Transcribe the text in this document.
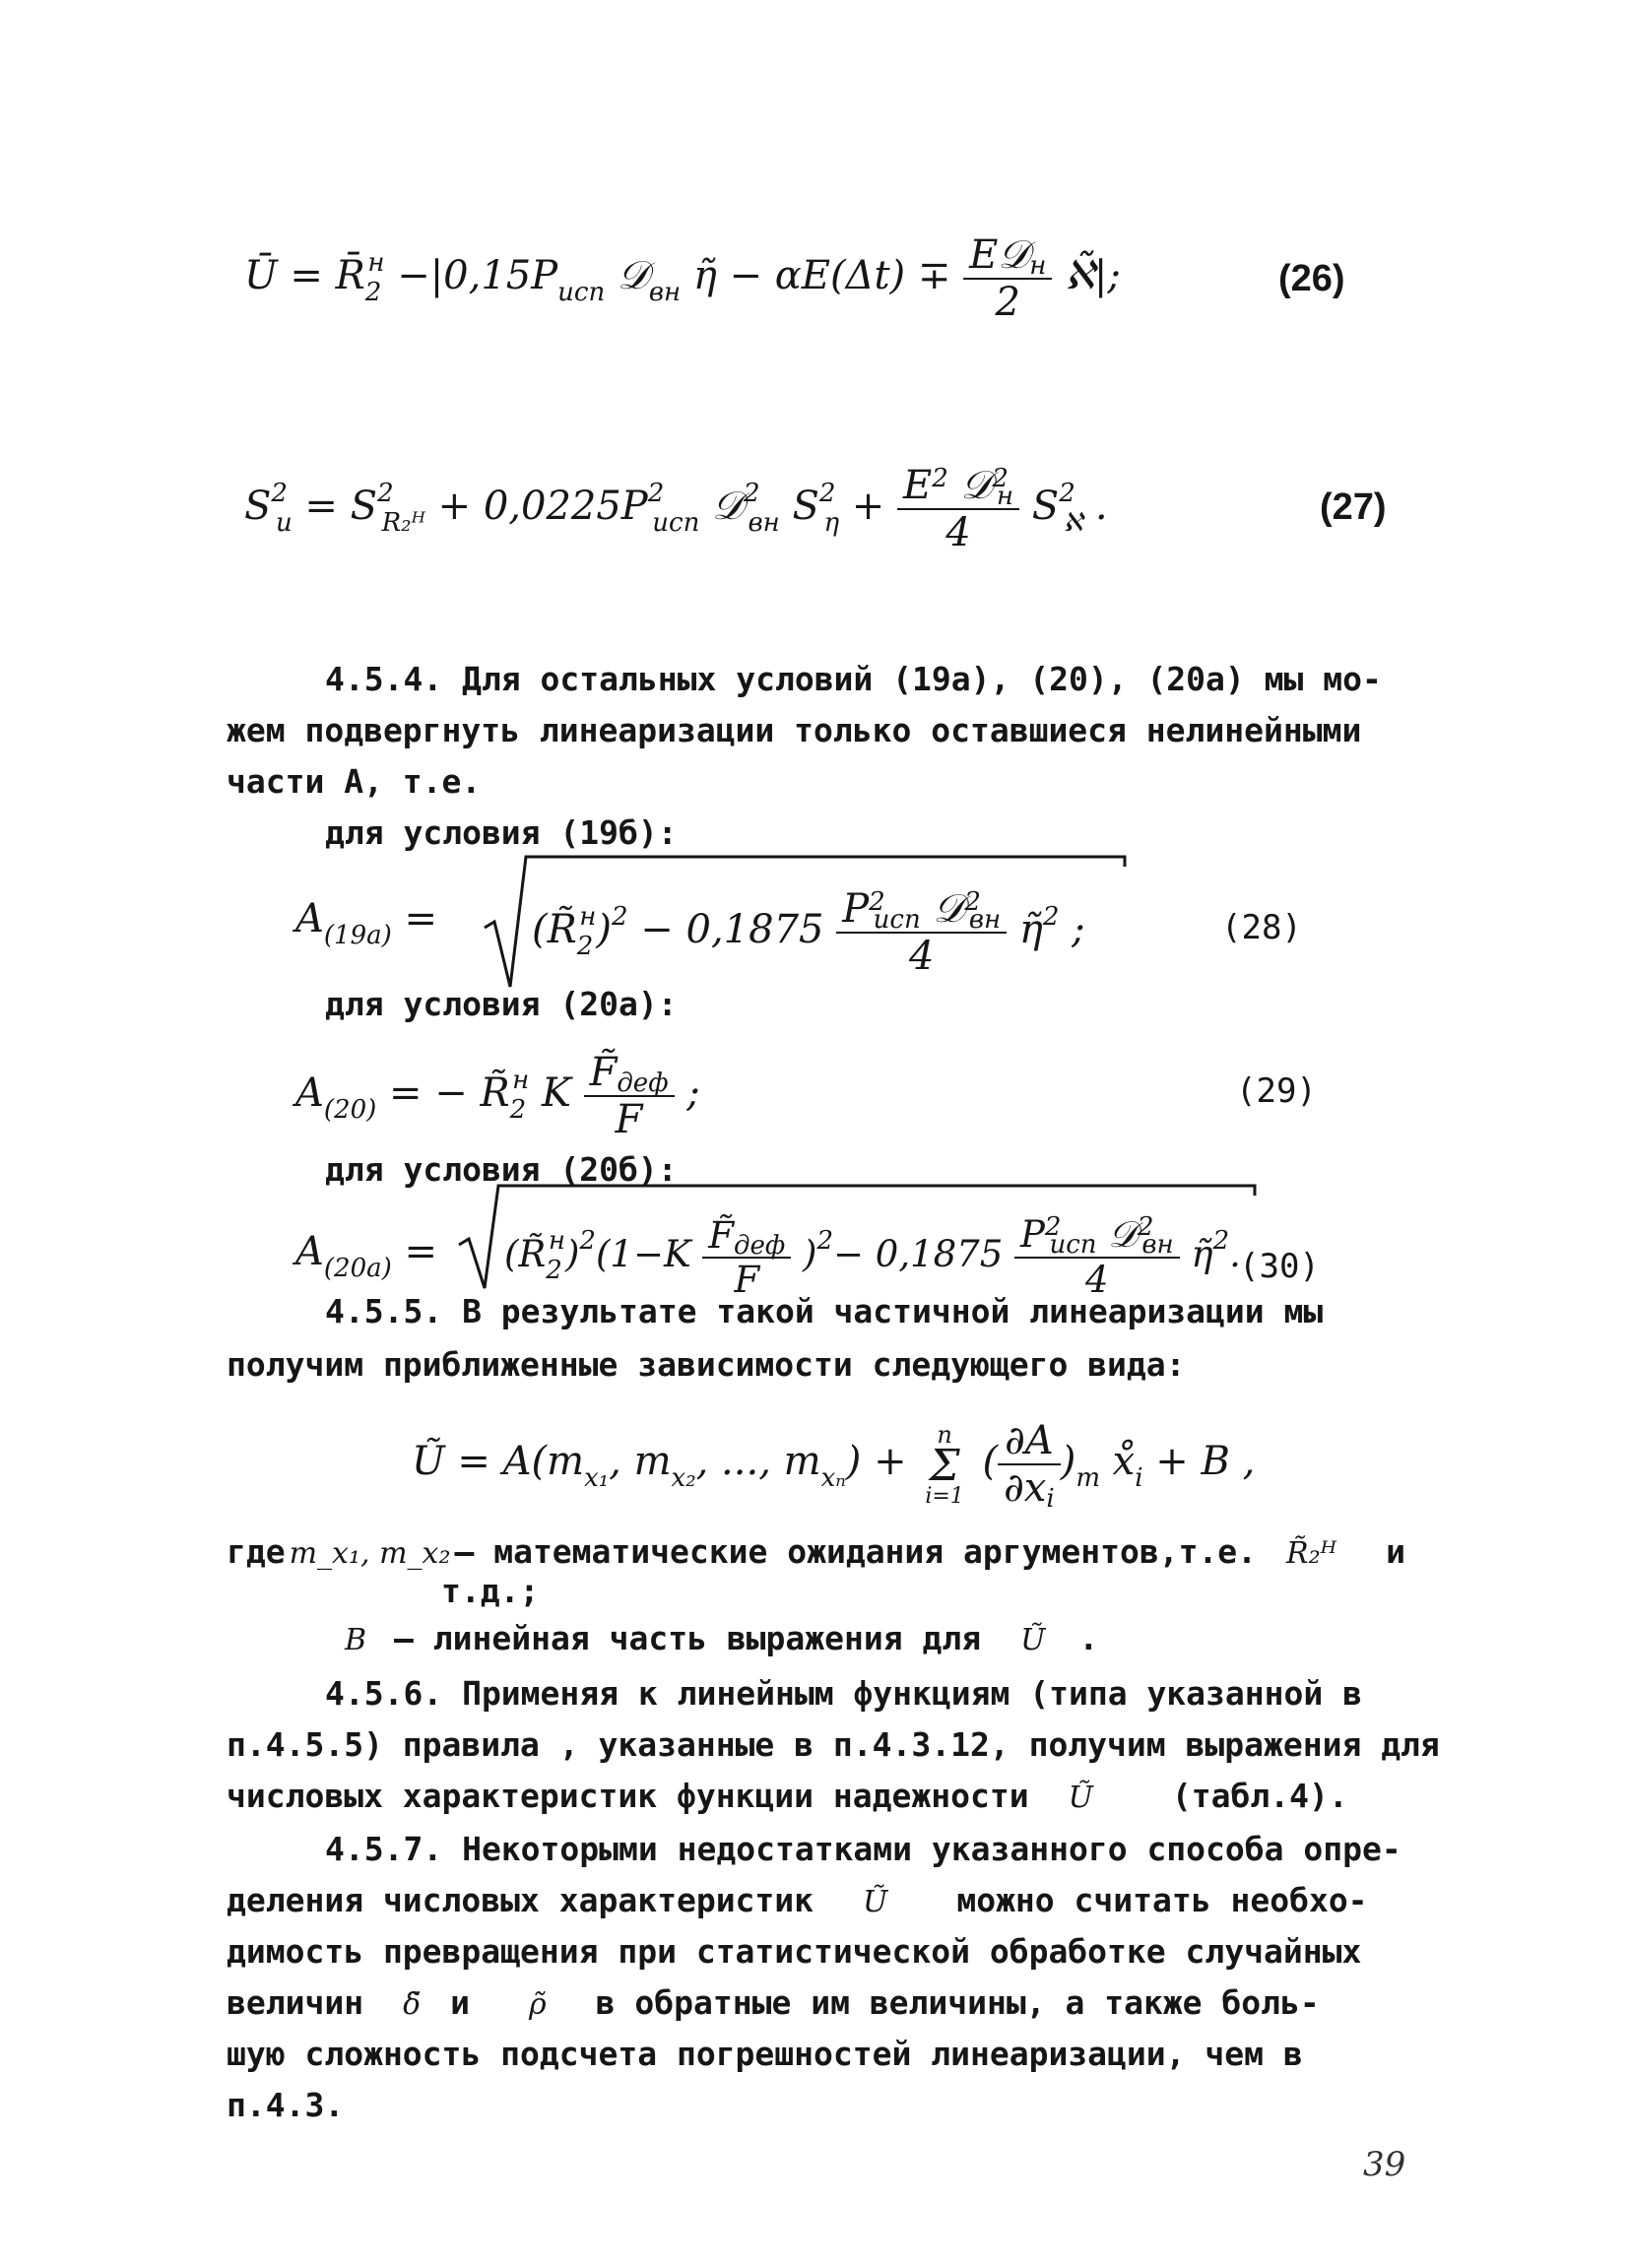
Ū = $R̄_2^н -|0,15P_{исп}$ 𝒟$_{вн}$ η̃ − $\alpha E(\Delta t) \mp \frac{\text{E𝒟н}}{2}$ ℵ̃|;	(26)
$S^2_u = S^2_{R_2ᴴ} + 0,0225P^2_{исп}$ 𝒟$^2_{вн}$ $S^2_\eta + \frac{E^2 𝒟^2н}{4} S^2_ℵ$ .	(27)
4.5.4. Для остальных условий (19а), (20), (20а) мы мо-
жем подвергнуть линеаризации только оставшиеся нелинейными
части А, т.е.
для условия (19б):
$A_{(19а)}$ = $(R̃_2^н)^2 - 0,1875 \frac{P^2исп 𝒟^2вн}{4}$ η̃$^2$ ;	(28)
для условия (20а):
$A_{(20)}$ = − $R̃_2^н$ K $\frac{\text{F̃деф}}{F}$ ;	(29)
для условия (20б):
$A_{(20а)}$ = $(R̃_2^н)^2(1-K \frac{\text{F̃деф}}{F} )^2- 0,1875 \frac{P^2исп 𝒟^2вн}{4}$ η̃$^2$.
(30)
4.5.5. В результате такой частичной линеаризации мы
получим приближенные зависимости следующего вида:
Ũ = $A(m_{x_1}$, $m_{x_2}$, ..., $m_{x_n}$) +
n
Σ
i=1
( $\frac{\partial A}{\partial xi} )_m$ $x̊_i + B$ ,
где m_x₁, m_x₂ – математические ожидания аргументов,т.е. R̃₂ᴴ и
т.д.;
B – линейная часть выражения для Ũ .
4.5.6. Применяя к линейным функциям (типа указанной в
п.4.5.5) правила , указанные в п.4.3.12, получим выражения для
числовых характеристик функции надежности Ũ (табл.4).
4.5.7. Некоторыми недостатками указанного способа опре-
деления числовых характеристик Ũ можно считать необхо-
димость превращения при статистической обработке случайных
величин δ̃ и ρ̃ в обратные им величины, а также боль-
шую сложность подсчета погрешностей линеаризации, чем в
п.4.3.
39
